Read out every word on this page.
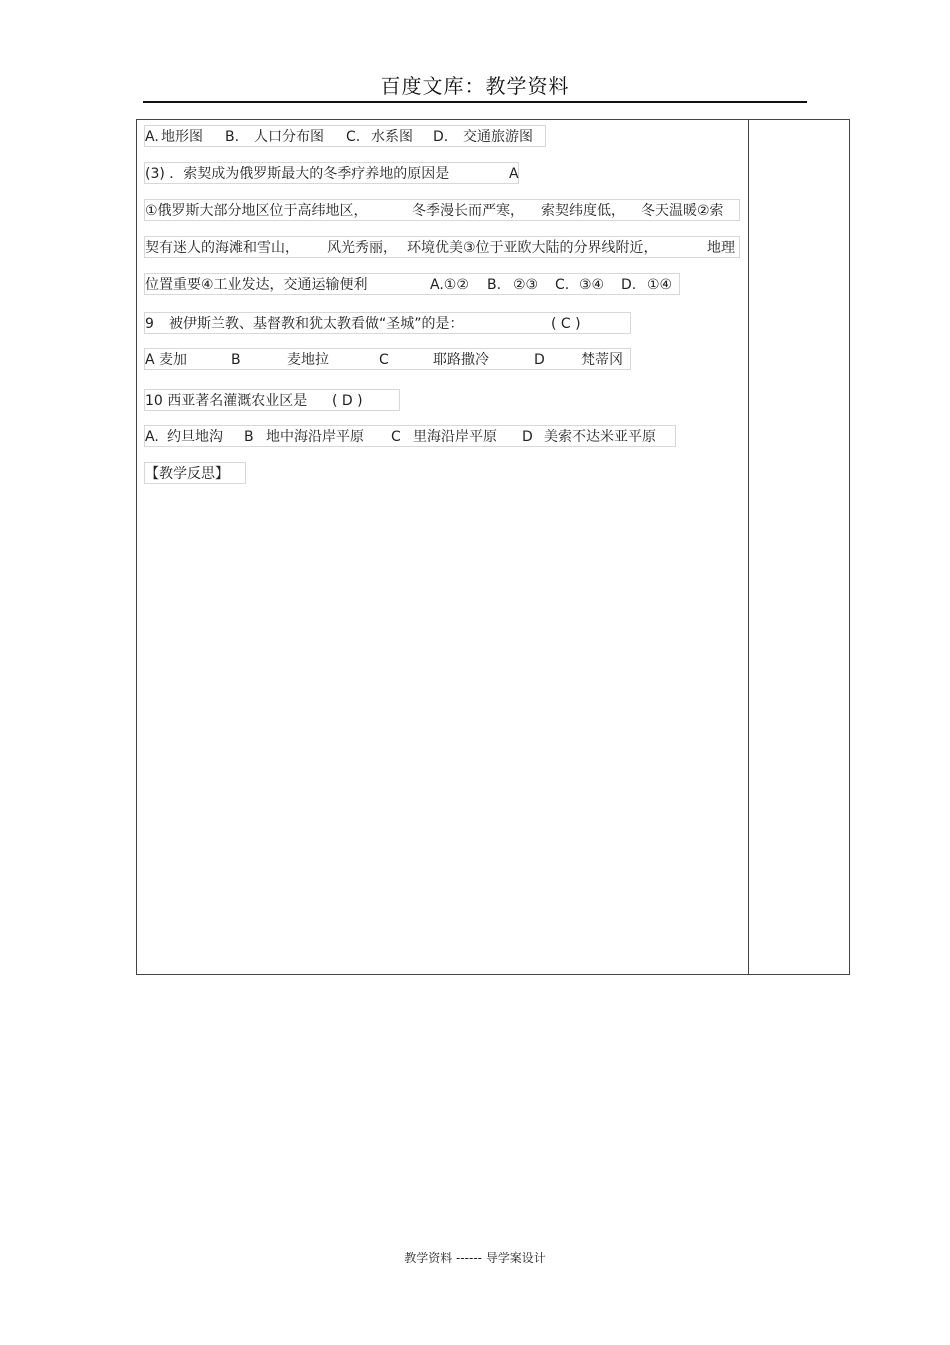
百度文库：教学资料
A. 地形图 B. 人口分布图 C. 水系图 D. 交通旅游图
(3) ．索契成为俄罗斯最大的冬季疗养地的原因是	A
①俄罗斯大部分地区位于高纬地区，	冬季漫长而严寒， 索契纬度低， 冬天温暖②索
契有迷人的海滩和雪山， 风光秀丽， 环境优美③位于亚欧大陆的分界线附近，	地理
位置重要④工业发达，交通运输便利	A.①② B. ②③ C. ③④ D. ①④
9 被伊斯兰教、基督教和犹太教看做“圣城”的是：	( C )
A 麦加	B	麦地拉	C	耶路撒冷	D	梵蒂冈
10 西亚著名灌溉农业区是 ( D )
A. 约旦地沟 B 地中海沿岸平原 C 里海沿岸平原 D 美索不达米亚平原
【教学反思】
教学资料 ------ 导学案设计
